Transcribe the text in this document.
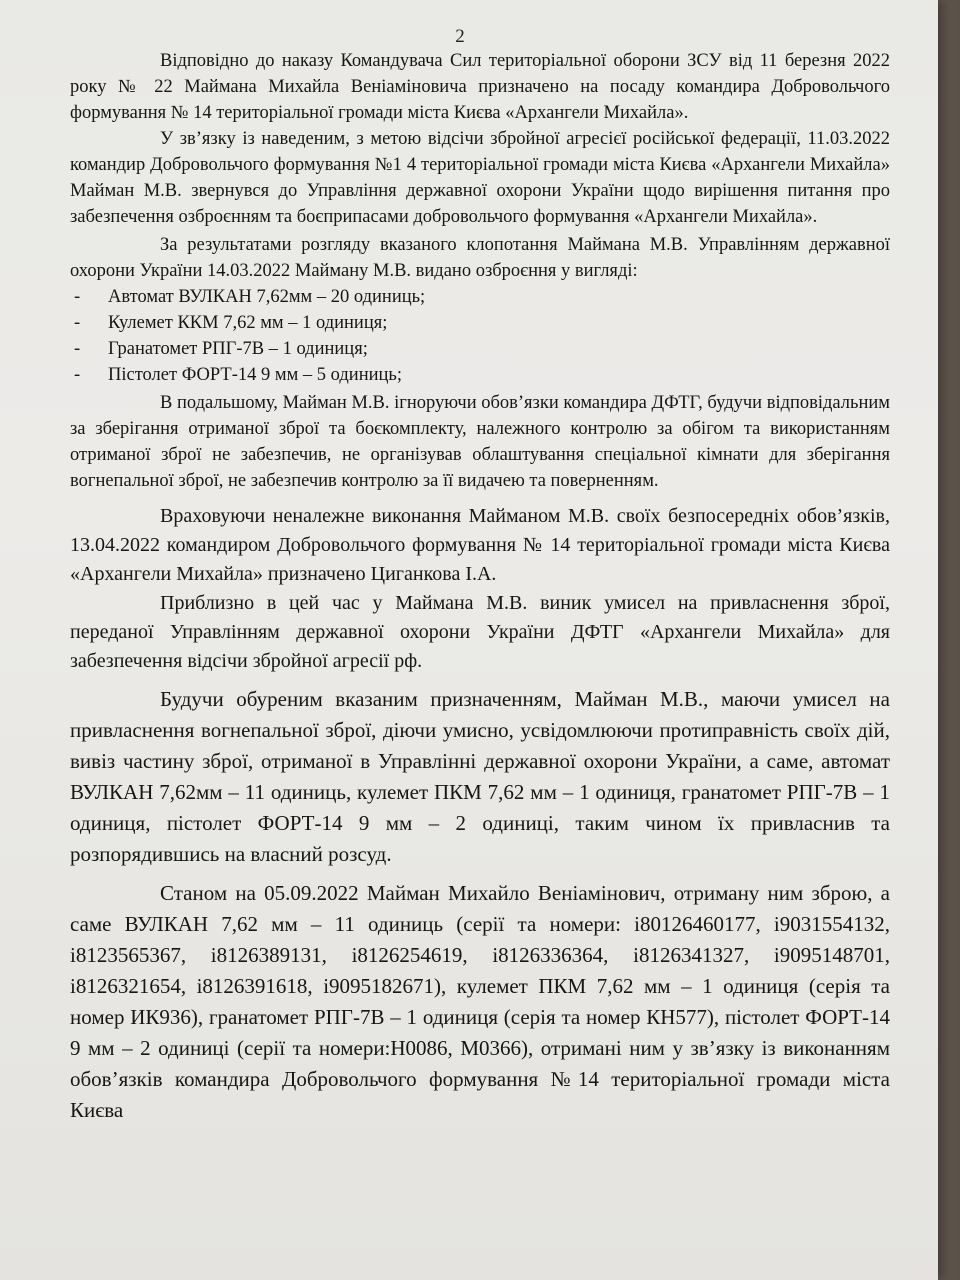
2

Відповідно до наказу Командувача Сил територіальної оборони ЗСУ від 11 березня 2022 року № 22 Маймана Михайла Веніаміновича призначено на посаду командира Добровольчого формування № 14 територіальної громади міста Києва «Архангели Михайла».

У зв’язку із наведеним, з метою відсічи збройної агресієї російської федерації, 11.03.2022 командир Добровольчого формування №1 4 територіальної громади міста Києва «Архангели Михайла» Майман М.В. звернувся до Управління державної охорони України щодо вирішення питання про забезпечення озброєнням та боєприпасами добровольчого формування «Архангели Михайла».

За результатами розгляду вказаного клопотання Маймана М.В. Управлінням державної охорони України 14.03.2022 Майману М.В. видано озброєння у вигляді:

- Автомат ВУЛКАН 7,62мм – 20 одиниць;
- Кулемет ККМ 7,62 мм – 1 одиниця;
- Гранатомет РПГ-7В – 1 одиниця;
- Пістолет ФОРТ-14 9 мм – 5 одиниць;

В подальшому, Майман М.В. ігноруючи обов’язки командира ДФТГ, будучи відповідальним за зберігання отриманої зброї та боєкомплекту, належного контролю за обігом та використанням отриманої зброї не забезпечив, не організував облаштування спеціальної кімнати для зберігання вогнепальної зброї, не забезпечив контролю за її видачею та поверненням.

Враховуючи неналежне виконання Майманом М.В. своїх безпосередніх обов’язків, 13.04.2022 командиром Добровольчого формування № 14 територіальної громади міста Києва «Архангели Михайла» призначено Циганкова І.А.

Приблизно в цей час у Маймана М.В. виник умисел на привласнення зброї, переданої Управлінням державної охорони України ДФТГ «Архангели Михайла» для забезпечення відсічи збройної агресії рф.

Будучи обуреним вказаним призначенням, Майман М.В., маючи умисел на привласнення вогнепальної зброї, діючи умисно, усвідомлюючи протиправність своїх дій, вивіз частину зброї, отриманої в Управлінні державної охорони України, а саме, автомат ВУЛКАН 7,62мм – 11 одиниць, кулемет ПКМ 7,62 мм – 1 одиниця, гранатомет РПГ-7В – 1 одиниця, пістолет ФОРТ-14 9 мм – 2 одиниці, таким чином їх привласнив та розпорядившись на власний розсуд.

Станом на 05.09.2022 Майман Михайло Веніамінович, отриману ним зброю, а саме ВУЛКАН 7,62 мм – 11 одиниць (серії та номери: і80126460177, і9031554132, і8123565367, і8126389131, і8126254619, і8126336364, і8126341327, і9095148701, і8126321654, і8126391618, і9095182671), кулемет ПКМ 7,62 мм – 1 одиниця (серія та номер ИК936), гранатомет РПГ-7В – 1 одиниця (серія та номер КН577), пістолет ФОРТ-14 9 мм – 2 одиниці (серії та номери:Н0086, М0366), отримані ним у зв’язку із виконанням обов’язків командира Добровольчого формування №14 територіальної громади міста Києва
